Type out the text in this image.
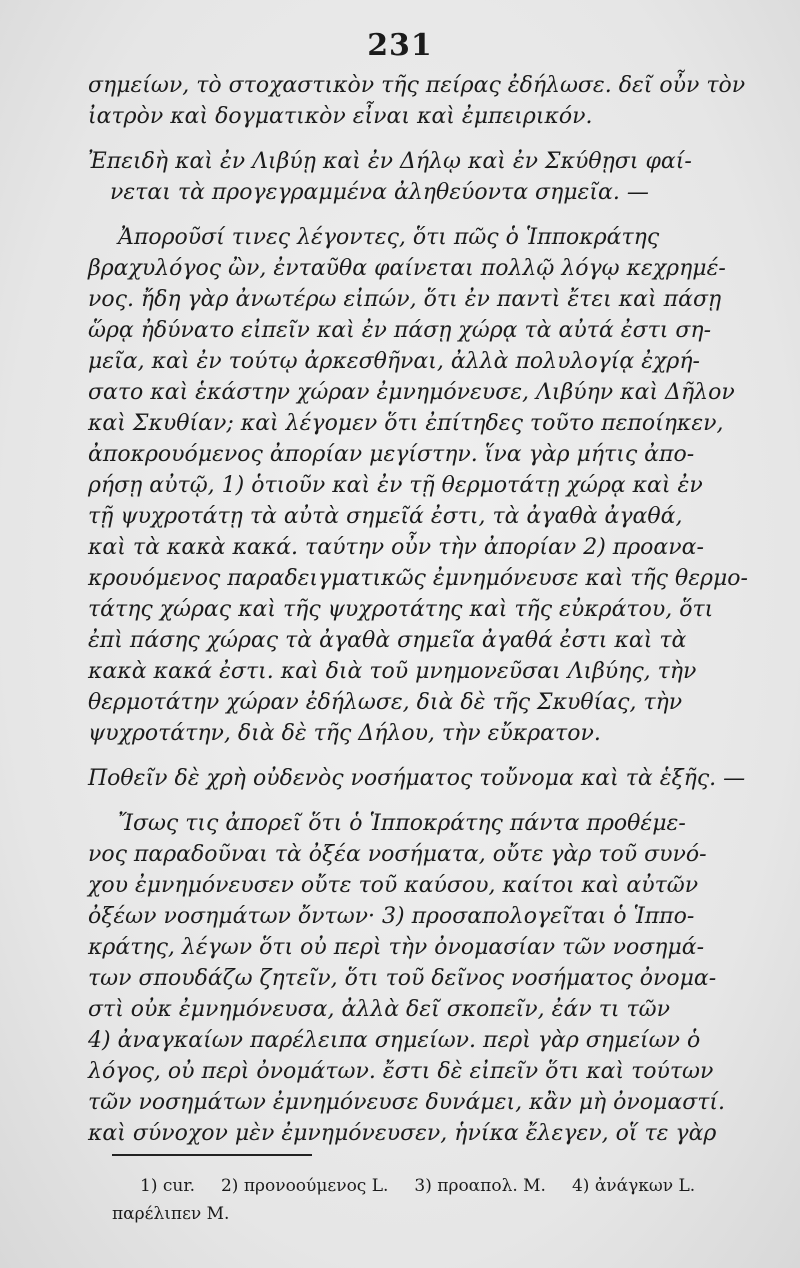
231
σημείων, τὸ στοχαστικὸν τῆς πείρας ἐδήλωσε. δεῖ οὖν τὸν
ἰατρὸν καὶ δογματικὸν εἶναι καὶ ἐμπειρικόν.
Ἐπειδὴ καὶ ἐν Λιβύῃ καὶ ἐν Δήλῳ καὶ ἐν Σκύθῃσι φαί-
νεται τὰ προγεγραμμένα ἀληθεύοντα σημεῖα. —
Ἀποροῦσί τινες λέγοντες, ὅτι πῶς ὁ Ἱπποκράτης
βραχυλόγος ὢν, ἐνταῦθα φαίνεται πολλῷ λόγῳ κεχρημέ-
νος. ἤδη γὰρ ἀνωτέρω εἰπών, ὅτι ἐν παντὶ ἔτει καὶ πάσῃ
ὥρᾳ ἠδύνατο εἰπεῖν καὶ ἐν πάσῃ χώρᾳ τὰ αὐτά ἐστι ση-
μεῖα, καὶ ἐν τούτῳ ἀρκεσθῆναι, ἀλλὰ πολυλογίᾳ ἐχρή-
σατο καὶ ἑκάστην χώραν ἐμνημόνευσε, Λιβύην καὶ Δῆλον
καὶ Σκυθίαν; καὶ λέγομεν ὅτι ἐπίτηδες τοῦτο πεποίηκεν,
ἀποκρουόμενος ἀπορίαν μεγίστην. ἵνα γὰρ μήτις ἀπο-
ρήσῃ αὐτῷ, 1) ὁτιοῦν καὶ ἐν τῇ θερμοτάτῃ χώρᾳ καὶ ἐν
τῇ ψυχροτάτῃ τὰ αὐτὰ σημεῖά ἐστι, τὰ ἀγαθὰ ἀγαθά,
καὶ τὰ κακὰ κακά. ταύτην οὖν τὴν ἀπορίαν 2) προανα-
κρουόμενος παραδειγματικῶς ἐμνημόνευσε καὶ τῆς θερμο-
τάτης χώρας καὶ τῆς ψυχροτάτης καὶ τῆς εὐκράτου, ὅτι
ἐπὶ πάσης χώρας τὰ ἀγαθὰ σημεῖα ἀγαθά ἐστι καὶ τὰ
κακὰ κακά ἐστι. καὶ διὰ τοῦ μνημονεῦσαι Λιβύης, τὴν
θερμοτάτην χώραν ἐδήλωσε, διὰ δὲ τῆς Σκυθίας, τὴν
ψυχροτάτην, διὰ δὲ τῆς Δήλου, τὴν εὔκρατον.
Ποθεῖν δὲ χρὴ οὐδενὸς νοσήματος τοὔνομα καὶ τὰ ἑξῆς. —
Ἴσως τις ἀπορεῖ ὅτι ὁ Ἱπποκράτης πάντα προθέμε-
νος παραδοῦναι τὰ ὀξέα νοσήματα, οὔτε γὰρ τοῦ συνό-
χου ἐμνημόνευσεν οὔτε τοῦ καύσου, καίτοι καὶ αὐτῶν
ὀξέων νοσημάτων ὄντων· 3) προσαπολογεῖται ὁ Ἱππο-
κράτης, λέγων ὅτι οὐ περὶ τὴν ὀνομασίαν τῶν νοσημά-
των σπουδάζω ζητεῖν, ὅτι τοῦ δεῖνος νοσήματος ὀνομα-
στὶ οὐκ ἐμνημόνευσα, ἀλλὰ δεῖ σκοπεῖν, ἐάν τι τῶν
4) ἀναγκαίων παρέλειπα σημείων. περὶ γὰρ σημείων ὁ
λόγος, οὐ περὶ ὀνομάτων. ἔστι δὲ εἰπεῖν ὅτι καὶ τούτων
τῶν νοσημάτων ἐμνημόνευσε δυνάμει, κἂν μὴ ὀνομαστί.
καὶ σύνοχον μὲν ἐμνημόνευσεν, ἡνίκα ἔλεγεν, οἵ τε γὰρ
1) cur. 2) προνοούμενος L. 3) προαπολ. M. 4) ἀνάγκων L.
παρέλιπεν M.
